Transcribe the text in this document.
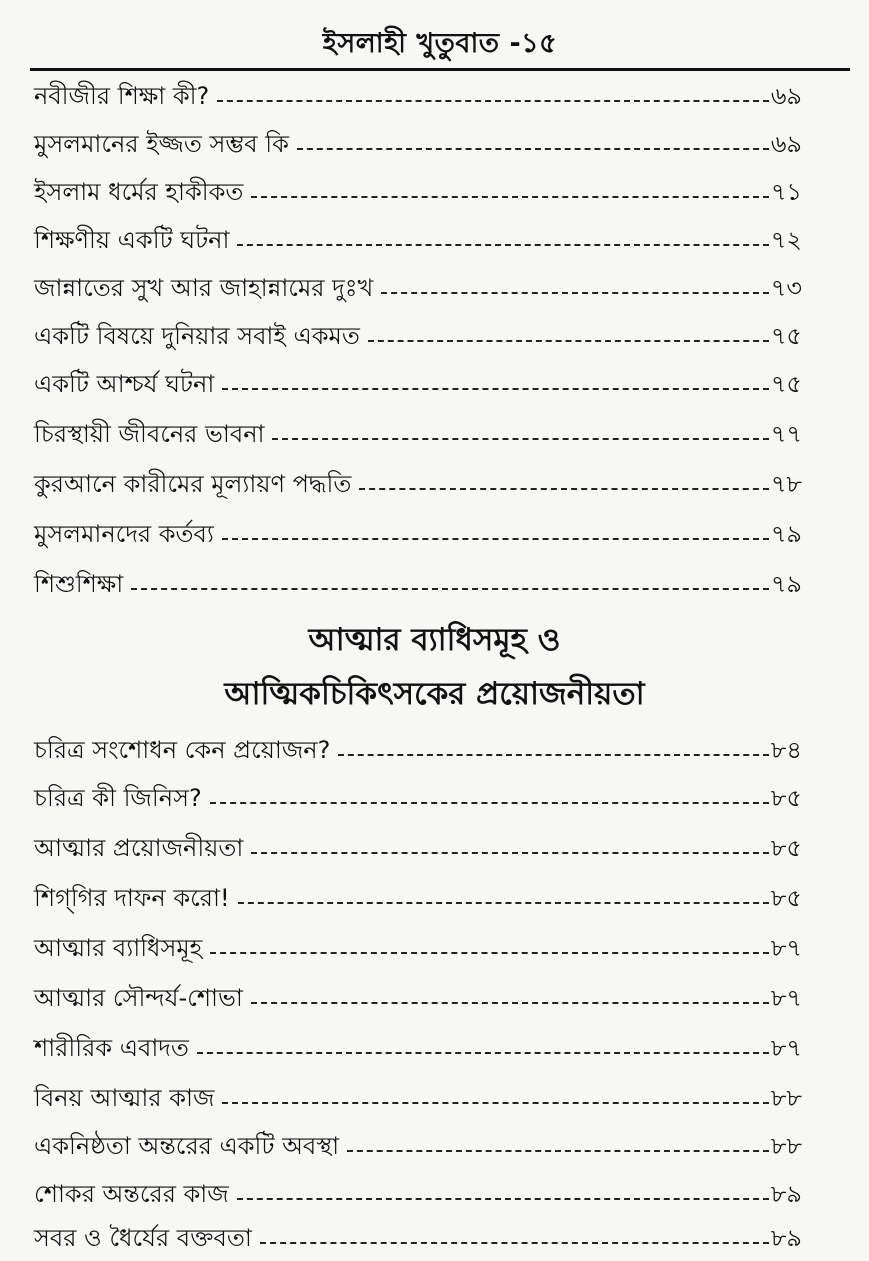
ইসলাহী খুতুবাত -১৫
নবীজীর শিক্ষা কী?	৬৯
মুসলমানের ইজ্জত সম্ভব কি	৬৯
ইসলাম ধর্মের হাকীকত	৭১
শিক্ষণীয় একটি ঘটনা	৭২
জান্নাতের সুখ আর জাহান্নামের দুঃখ	৭৩
একটি বিষয়ে দুনিয়ার সবাই একমত	৭৫
একটি আশ্চর্য ঘটনা	৭৫
চিরস্থায়ী জীবনের ভাবনা	৭৭
কুরআনে কারীমের মূল্যায়ণ পদ্ধতি	৭৮
মুসলমানদের কর্তব্য	৭৯
শিশুশিক্ষা	৭৯
আত্মার ব্যাধিসমূহ ও
আত্মিকচিকিৎসকের প্রয়োজনীয়তা
চরিত্র সংশোধন কেন প্রয়োজন?	৮৪
চরিত্র কী জিনিস?	৮৫
আত্মার প্রয়োজনীয়তা	৮৫
শিগ্‌গির দাফন করো!	৮৫
আত্মার ব্যাধিসমূহ	৮৭
আত্মার সৌন্দর্য-শোভা	৮৭
শারীরিক এবাদত	৮৭
বিনয় আত্মার কাজ	৮৮
একনিষ্ঠতা অন্তরের একটি অবস্থা	৮৮
শোকর অন্তরের কাজ	৮৯
সবর ও ধৈর্যের বক্তবতা	৮৯
